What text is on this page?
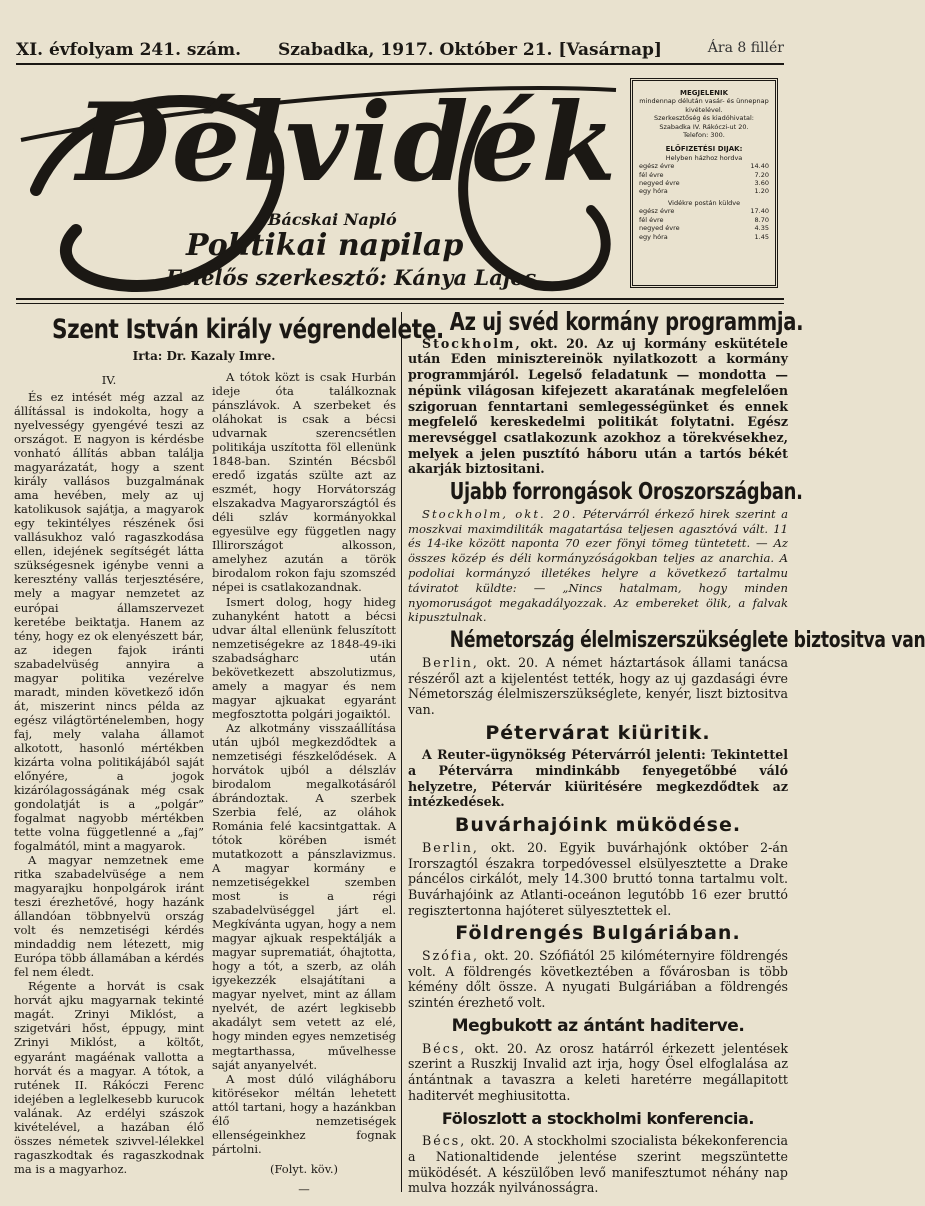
XI. évfolyam 241. szám. Szabadka, 1917. Október 21. [Vasárnap]	Ára 8 fillér
Délvidék
Bácskai Napló
Politikai napilap
Felelős szerkesztő: Kánya Lajos
MEGJELENIK
mindennap délután vasár- és ünnepnap kivételével.
Szerkesztőség és kiadóhivatal:
Szabadka IV. Rákóczi-ut 20.
Telefon: 300.
ELŐFIZETÉSI DIJAK:
Helyben házhoz hordva
egész évre	14.40
fél évre	7.20
negyed évre	3.60
egy hóra	1.20
Vidékre postán küldve
egész évre	17.40
fél évre	8.70
negyed évre	4.35
egy hóra	1.45
Szent István király végrendelete.
Irta: Dr. Kazaly Imre.
IV.

És ez intését még azzal az állítással is indokolta, hogy a nyelvességy gyengévé teszi az országot. E nagyon is kérdésbe vonható állítás abban találja magyarázatát, hogy a szent király vallásos buzgalmának ama hevében, mely az uj katolikusok sajátja, a magyarok egy tekintélyes részének ősi vallásukhoz való ragaszkodása ellen, idejének segítségét látta szükségesnek igénybe venni a keresztény vallás terjesztésére, mely a magyar nemzetet az európai államszervezet keretébe beiktatja. Hanem az tény, hogy ez ok elenyészett bár, az idegen fajok iránti szabadelvüség annyira a magyar politika vezérelve maradt, minden következő időn át, miszerint nincs példa az egész világtörténelemben, hogy faj, mely valaha államot alkotott, hasonló mértékben kizárta volna politikájából saját előnyére, a jogok kizárólagosságának még csak gondolatját is a „polgár” fogalmat nagyobb mértékben tette volna függetlenné a „faj” fogalmától, mint a magyarok.

A magyar nemzetnek eme ritka szabadelvüsége a nem magyarajku honpolgárok iránt teszi érezhetővé, hogy hazánk állandóan többnyelvü ország volt és nemzetiségi kérdés mindaddig nem létezett, mig Európa több államában a kérdés fel nem éledt.

Régente a horvát is csak horvát ajku magyarnak tekinté magát. Zrinyi Miklóst, a szigetvári hőst, éppugy, mint Zrinyi Miklóst, a költőt, egyaránt magáénak vallotta a horvát és a magyar. A tótok, a rutének II. Rákóczi Ferenc idejében a leglelkesebb kurucok valának. Az erdélyi szászok kivételével, a hazában élő összes németek szivvel-lélekkel ragaszkodtak és ragaszkodnak ma is a magyarhoz.

A tótok közt is csak Hurbán ideje óta találkoznak pánszlávok. A szerbeket és oláhokat is csak a bécsi udvarnak szerencsétlen politikája uszította föl ellenünk 1848-ban. Szintén Bécsből eredő izgatás szülte azt az eszmét, hogy Horvátország elszakadva Magyarországtól és déli szláv kormányokkal egyesülve egy független nagy Illirországot alkosson, amelyhez azután a török birodalom rokon faju szomszéd népei is csatlakozandnak.

Ismert dolog, hogy hideg zuhanyként hatott a bécsi udvar által ellenünk feluszított nemzetiségekre az 1848-49-iki szabadságharc után bekövetkezett abszolutizmus, amely a magyar és nem magyar ajkuakat egyaránt megfosztotta polgári jogaiktól.

Az alkotmány visszaállítása után ujból megkezdődtek a nemzetiségi fészkelődések. A horvátok ujból a délszláv birodalom megalkotásáról ábrándoztak. A szerbek Szerbia felé, az oláhok Románia felé kacsintgattak. A tótok körében ismét mutatkozott a pánszlavizmus. A magyar kormány e nemzetiségekkel szemben most is a régi szabadelvüséggel járt el. Megkívánta ugyan, hogy a nem magyar ajkuak respektálják a magyar suprematiát, óhajtotta, hogy a tót, a szerb, az oláh igyekezzék elsajátítani a magyar nyelvet, mint az állam nyelvét, de azért legkisebb akadályt sem vetett az elé, hogy minden egyes nemzetiség megtarthassa, művelhesse saját anyanyelvét.

A most dúló világháboru kitörésekor méltán lehetett attól tartani, hogy a hazánkban élő nemzetiségek ellenségeinkhez fognak pártolni.

(Folyt. köv.)
—
Az uj svéd kormány programmja.

Stockholm, okt. 20. Az uj kormány eskütétele után Eden minisztereinök nyilatkozott a kormány programmjáról. Legelső feladatunk — mondotta — népünk világosan kifejezett akaratának megfelelően szigoruan fenntartani semlegességünket és ennek megfelelő kereskedelmi politikát folytatni. Egész merevséggel csatlakozunk azokhoz a törekvésekhez, melyek a jelen pusztító háboru után a tartós békét akarják biztositani.

Ujabb forrongások Oroszországban.

Stockholm, okt. 20. Pétervárról érkező hirek szerint a moszkvai maximdiliták magatartása teljesen agasztóvá vált. 11 és 14-ike között naponta 70 ezer fönyi tömeg tüntetett. — Az összes közép és déli kormányzóságokban teljes az anarchia. A podoliai kormányzó illetékes helyre a következő tartalmu táviratot küldte: — „Nincs hatalmam, hogy minden nyomoruságot megakadályozzak. Az embereket ölik, a falvak kipusztulnak.

Németország élelmiszerszükséglete biztositva van

Berlin, okt. 20. A német háztartások állami tanácsa részéről azt a kijelentést tették, hogy az uj gazdasági évre Németország élelmiszerszükséglete, kenyér, liszt biztositva van.

Pétervárat kiüritik.

A Reuter-ügynökség Pétervárról jelenti: Tekintettel a Pétervárra mindinkább fenyegetőbbé váló helyzetre, Pétervár kiüritésére megkezdődtek az intézkedések.

Buvárhajóink müködése.

Berlin, okt. 20. Egyik buvárhajónk október 2-án Irorszagtól északra torpedóvessel elsülyesztette a Drake páncélos cirkálót, mely 14.300 bruttó tonna tartalmu volt. Buvárhajóink az Atlanti-oceánon legutóbb 16 ezer bruttó regisztertonna hajóteret sülyesztettek el.

Földrengés Bulgáriában.

Szófia, okt. 20. Szófiától 25 kilóméternyire földrengés volt. A földrengés következtében a fővárosban is több kémény dőlt össze. A nyugati Bulgáriában a földrengés szintén érezhető volt.

Megbukott az ántánt haditerve.

Bécs, okt. 20. Az orosz határról érkezett jelentések szerint a Ruszkij Invalid azt irja, hogy Ösel elfoglalása az ántántnak a tavaszra a keleti haretérre megállapitott haditervét meghiusitotta.

Föloszlott a stockholmi konferencia.

Bécs, okt. 20. A stockholmi szocialista békekonferencia a Nationaltidende jelentése szerint megszüntette müködését. A készülőben levő manifesztumot néhány nap mulva hozzák nyilvánosságra.
